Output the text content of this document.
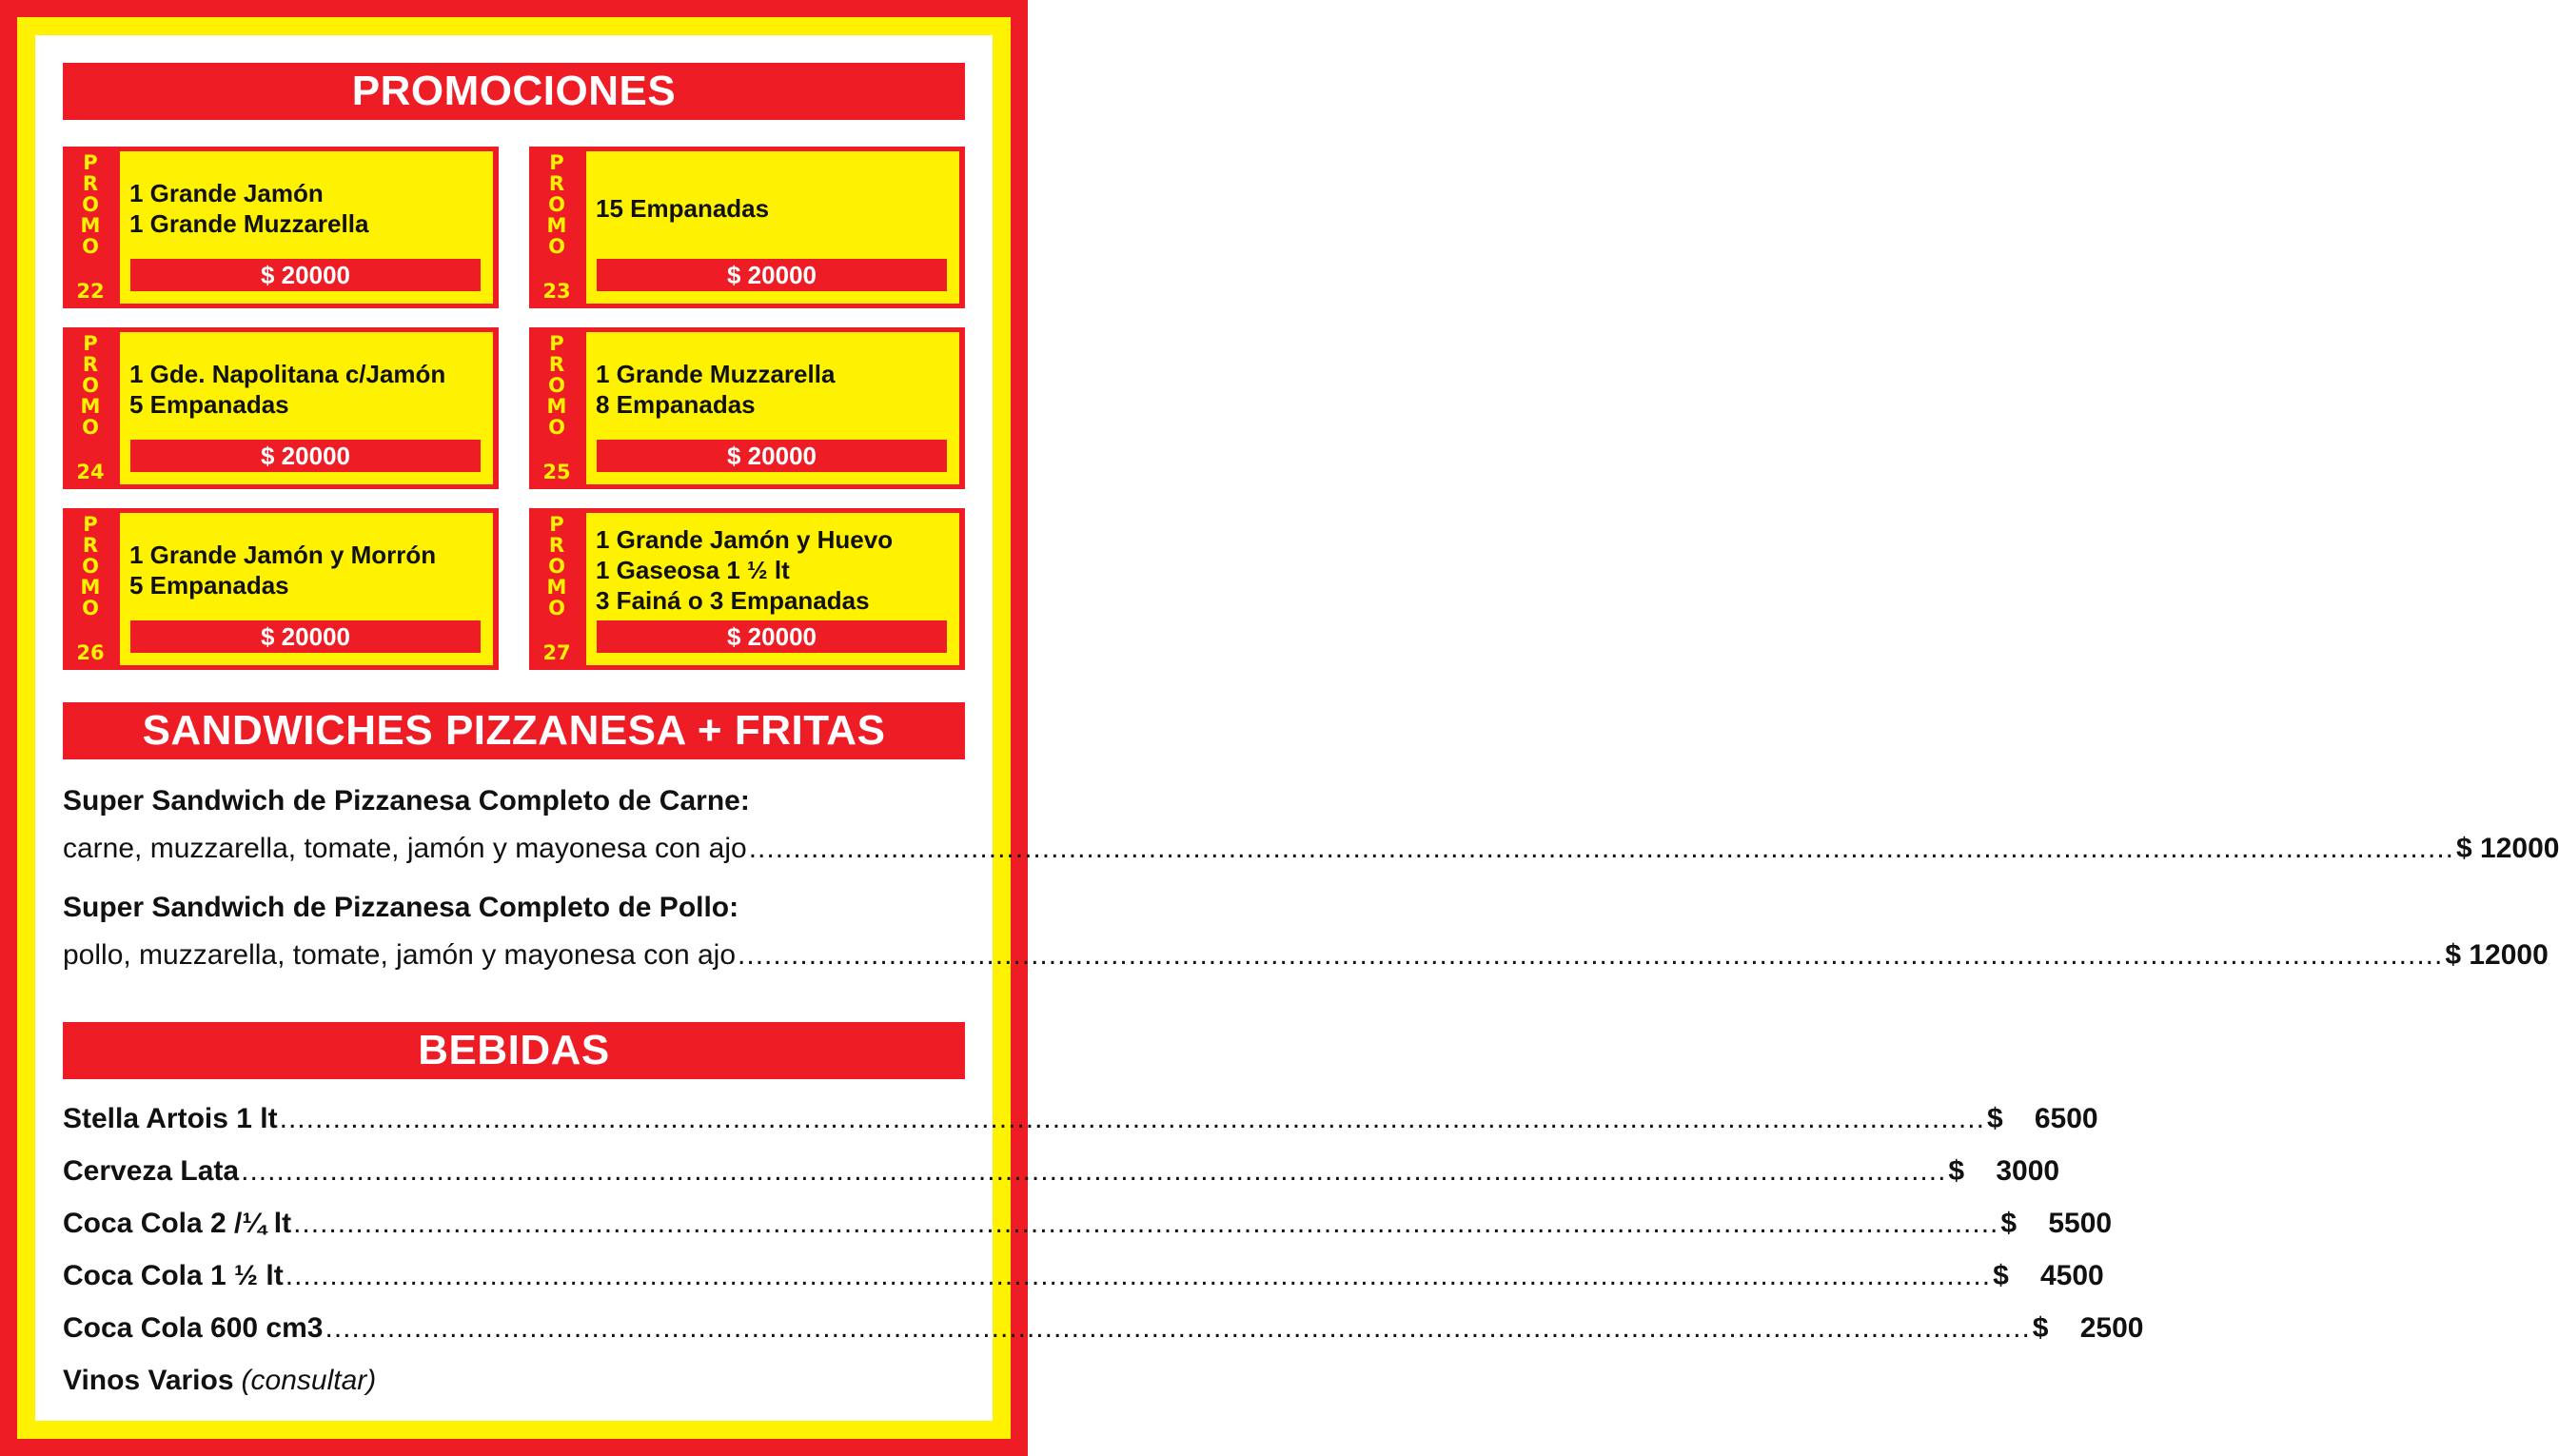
PROMOCIONES
P
R
O
M
O
22
1 Grande Jamón
1 Grande Muzzarella
$ 20000
P
R
O
M
O
23
15 Empanadas
$ 20000
P
R
O
M
O
24
1 Gde. Napolitana c/Jamón
5 Empanadas
$ 20000
P
R
O
M
O
25
1 Grande Muzzarella
8 Empanadas
$ 20000
P
R
O
M
O
26
1 Grande Jamón y Morrón
5 Empanadas
$ 20000
P
R
O
M
O
27
1 Grande Jamón y Huevo
1 Gaseosa 1 ½ lt
3 Fainá o 3 Empanadas
$ 20000
SANDWICHES PIZZANESA + FRITAS
Super Sandwich de Pizzanesa Completo de Carne:
carne, muzzarella, tomate, jamón y mayonesa con ajo ................................................................................................................................................................................................ $ 12000
Super Sandwich de Pizzanesa Completo de Pollo:
pollo, muzzarella, tomate, jamón y mayonesa con ajo ................................................................................................................................................................................................ $ 12000
BEBIDAS
Stella Artois 1 lt ................................................................................................................................................................................................ $	6500
Cerveza Lata ................................................................................................................................................................................................ $	3000
Coca Cola 2 /¼ lt ................................................................................................................................................................................................ $	5500
Coca Cola 1 ½ lt ................................................................................................................................................................................................ $	4500
Coca Cola 600 cm3 ................................................................................................................................................................................................ $	2500
Vinos Varios (consultar)
